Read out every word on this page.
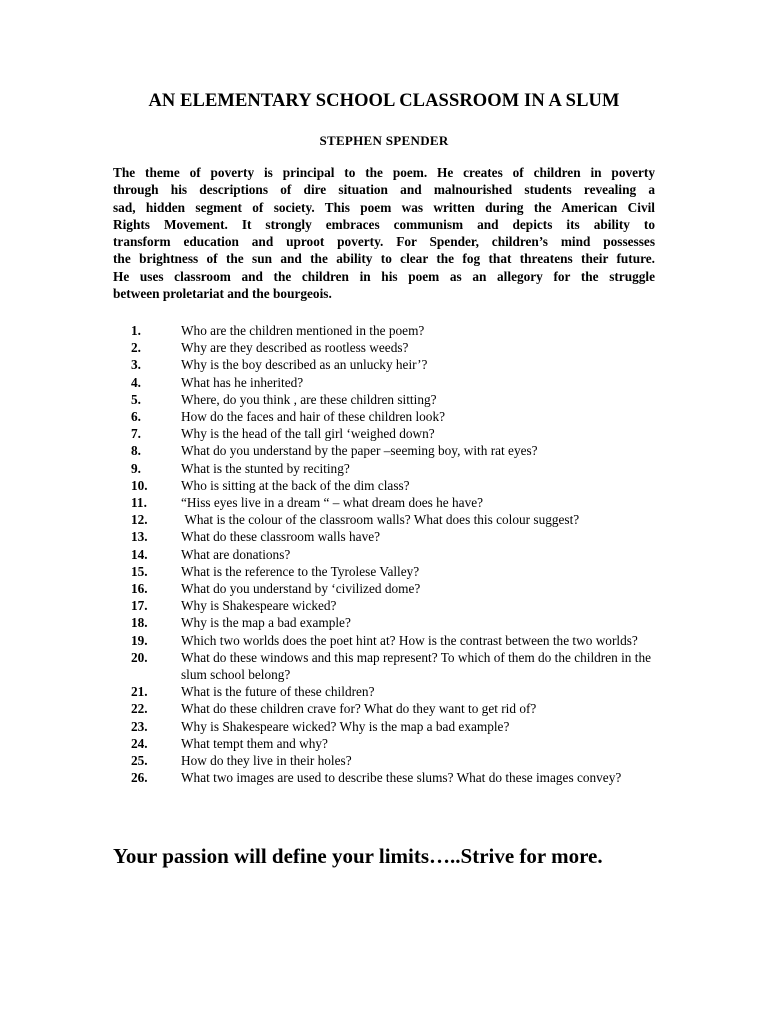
AN ELEMENTARY SCHOOL CLASSROOM IN A SLUM
STEPHEN SPENDER

The theme of poverty is principal to the poem. He creates of children in poverty
through his descriptions of dire situation and malnourished students revealing a
sad, hidden segment of society. This poem was written during the American Civil
Rights Movement. It strongly embraces communism and depicts its ability to
transform education and uproot poverty. For Spender, children’s mind possesses
the brightness of the sun and the ability to clear the fog that threatens their future.
He uses classroom and the children in his poem as an allegory for the struggle
between proletariat and the bourgeois.

1.	Who are the children mentioned in the poem?
2.	Why are they described as rootless weeds?
3.	Why is the boy described as an unlucky heir’?
4.	What has he inherited?
5.	Where, do you think , are these children sitting?
6.	How do the faces and hair of these children look?
7.	Why is the head of the tall girl ‘weighed down?
8.	What do you understand by the paper –seeming boy, with rat eyes?
9.	What is the stunted by reciting?
10.	Who is sitting at the back of the dim class?
11.	“Hiss eyes live in a dream “ – what dream does he have?
12.	What is the colour of the classroom walls? What does this colour suggest?
13.	What do these classroom walls have?
14.	What are donations?
15.	What is the reference to the Tyrolese Valley?
16.	What do you understand by ‘civilized dome?
17.	Why is Shakespeare wicked?
18.	Why is the map a bad example?
19.	Which two worlds does the poet hint at? How is the contrast between the two worlds?
20.	What do these windows and this map represent? To which of them do the children in the slum school belong?
21.	What is the future of these children?
22.	What do these children crave for? What do they want to get rid of?
23.	Why is Shakespeare wicked? Why is the map a bad example?
24.	What tempt them and why?
25.	How do they live in their holes?
26.	What two images are used to describe these slums? What do these images convey?

Your passion will define your limits…..Strive for more.
